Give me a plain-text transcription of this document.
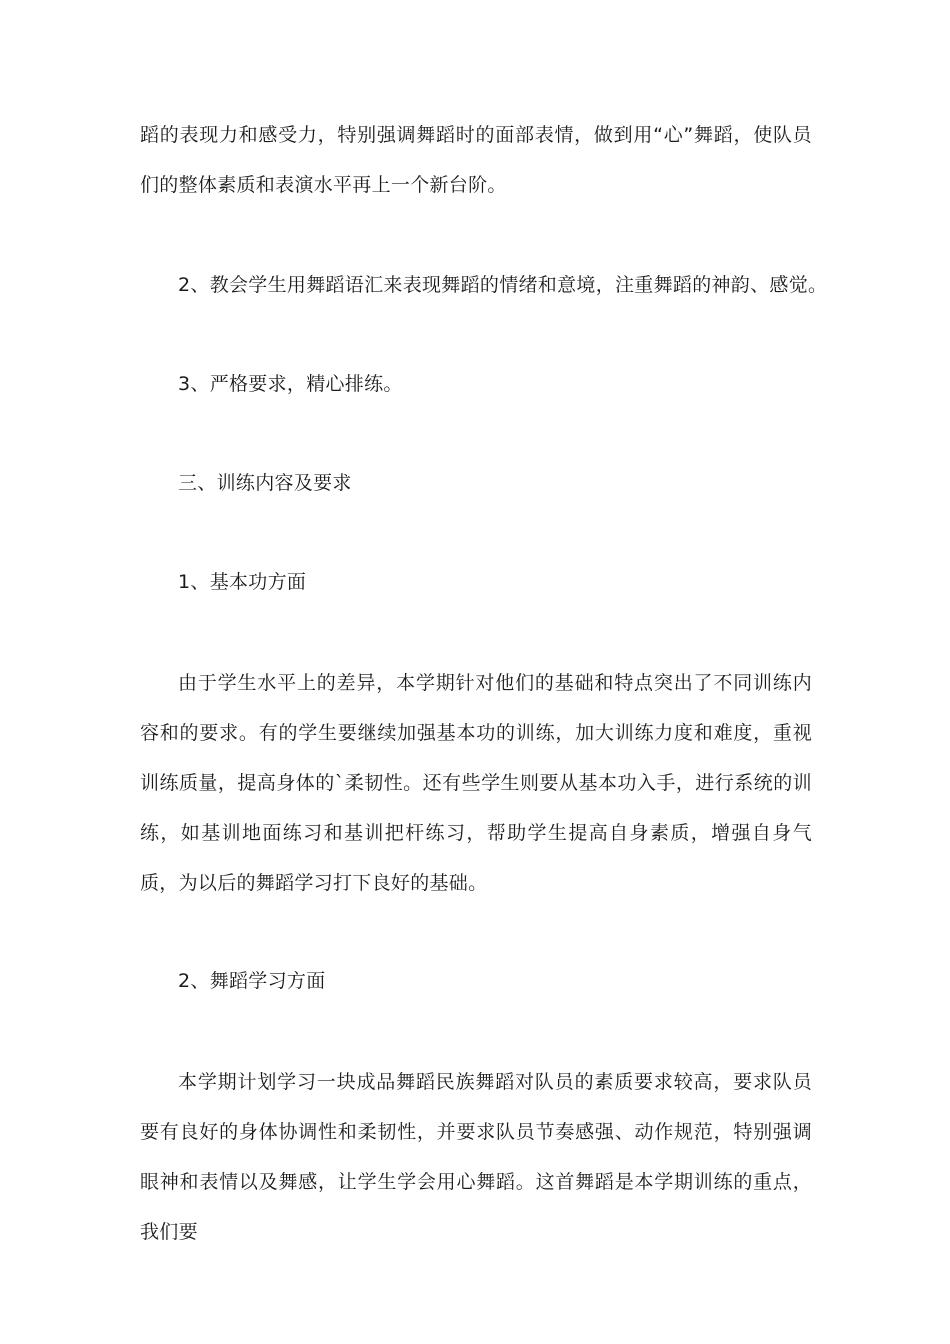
蹈的表现力和感受力，特别强调舞蹈时的面部表情，做到用“心”舞蹈，使队员们的整体素质和表演水平再上一个新台阶。

2、教会学生用舞蹈语汇来表现舞蹈的情绪和意境，注重舞蹈的神韵、感觉。

3、严格要求，精心排练。

三、训练内容及要求

1、基本功方面

由于学生水平上的差异，本学期针对他们的基础和特点突出了不同训练内容和的要求。有的学生要继续加强基本功的训练，加大训练力度和难度，重视训练质量，提高身体的`柔韧性。还有些学生则要从基本功入手，进行系统的训练，如基训地面练习和基训把杆练习，帮助学生提高自身素质，增强自身气质，为以后的舞蹈学习打下良好的基础。

2、舞蹈学习方面

本学期计划学习一块成品舞蹈民族舞蹈对队员的素质要求较高，要求队员要有良好的身体协调性和柔韧性，并要求队员节奏感强、动作规范，特别强调眼神和表情以及舞感，让学生学会用心舞蹈。这首舞蹈是本学期训练的重点，我们要
